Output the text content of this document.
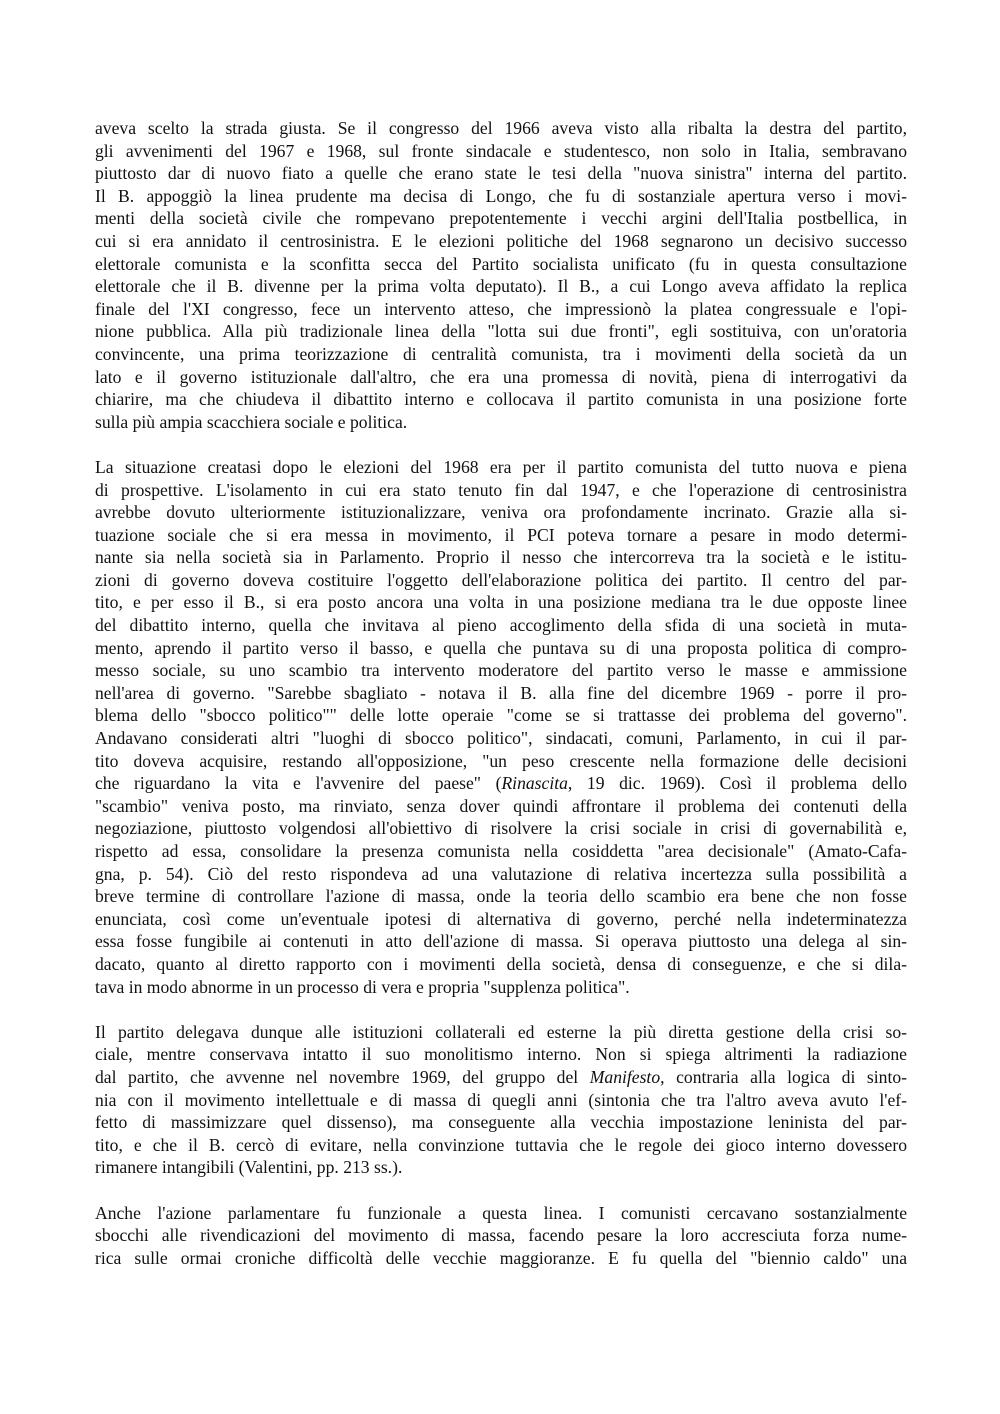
aveva scelto la strada giusta. Se il congresso del 1966 aveva visto alla ribalta la destra del partito,
gli avvenimenti del 1967 e 1968, sul fronte sindacale e studentesco, non solo in Italia, sembravano
piuttosto dar di nuovo fiato a quelle che erano state le tesi della "nuova sinistra" interna del partito.
Il B. appoggiò la linea prudente ma decisa di Longo, che fu di sostanziale apertura verso i movi-
menti della società civile che rompevano prepotentemente i vecchi argini dell'Italia postbellica, in
cui si era annidato il centrosinistra. E le elezioni politiche del 1968 segnarono un decisivo successo
elettorale comunista e la sconfitta secca del Partito socialista unificato (fu in questa consultazione
elettorale che il B. divenne per la prima volta deputato). Il B., a cui Longo aveva affidato la replica
finale del l'XI congresso, fece un intervento atteso, che impressionò la platea congressuale e l'opi-
nione pubblica. Alla più tradizionale linea della "lotta sui due fronti", egli sostituiva, con un'oratoria
convincente, una prima teorizzazione di centralità comunista, tra i movimenti della società da un
lato e il governo istituzionale dall'altro, che era una promessa di novità, piena di interrogativi da
chiarire, ma che chiudeva il dibattito interno e collocava il partito comunista in una posizione forte
sulla più ampia scacchiera sociale e politica.

La situazione creatasi dopo le elezioni del 1968 era per il partito comunista del tutto nuova e piena
di prospettive. L'isolamento in cui era stato tenuto fin dal 1947, e che l'operazione di centrosinistra
avrebbe dovuto ulteriormente istituzionalizzare, veniva ora profondamente incrinato. Grazie alla si-
tuazione sociale che si era messa in movimento, il PCI poteva tornare a pesare in modo determi-
nante sia nella società sia in Parlamento. Proprio il nesso che intercorreva tra la società e le istitu-
zioni di governo doveva costituire l'oggetto dell'elaborazione politica dei partito. Il centro del par-
tito, e per esso il B., si era posto ancora una volta in una posizione mediana tra le due opposte linee
del dibattito interno, quella che invitava al pieno accoglimento della sfida di una società in muta-
mento, aprendo il partito verso il basso, e quella che puntava su di una proposta politica di compro-
messo sociale, su uno scambio tra intervento moderatore del partito verso le masse e ammissione
nell'area di governo. "Sarebbe sbagliato - notava il B. alla fine del dicembre 1969 - porre il pro-
blema dello "sbocco politico"" delle lotte operaie "come se si trattasse dei problema del governo".
Andavano considerati altri "luoghi di sbocco politico", sindacati, comuni, Parlamento, in cui il par-
tito doveva acquisire, restando all'opposizione, "un peso crescente nella formazione delle decisioni
che riguardano la vita e l'avvenire del paese" (Rinascita, 19 dic. 1969). Così il problema dello
"scambio" veniva posto, ma rinviato, senza dover quindi affrontare il problema dei contenuti della
negoziazione, piuttosto volgendosi all'obiettivo di risolvere la crisi sociale in crisi di governabilità e,
rispetto ad essa, consolidare la presenza comunista nella cosiddetta "area decisionale" (Amato-Cafa-
gna, p. 54). Ciò del resto rispondeva ad una valutazione di relativa incertezza sulla possibilità a
breve termine di controllare l'azione di massa, onde la teoria dello scambio era bene che non fosse
enunciata, così come un'eventuale ipotesi di alternativa di governo, perché nella indeterminatezza
essa fosse fungibile ai contenuti in atto dell'azione di massa. Si operava piuttosto una delega al sin-
dacato, quanto al diretto rapporto con i movimenti della società, densa di conseguenze, e che si dila-
tava in modo abnorme in un processo di vera e propria "supplenza politica".

Il partito delegava dunque alle istituzioni collaterali ed esterne la più diretta gestione della crisi so-
ciale, mentre conservava intatto il suo monolitismo interno. Non si spiega altrimenti la radiazione
dal partito, che avvenne nel novembre 1969, del gruppo del Manifesto, contraria alla logica di sinto-
nia con il movimento intellettuale e di massa di quegli anni (sintonia che tra l'altro aveva avuto l'ef-
fetto di massimizzare quel dissenso), ma conseguente alla vecchia impostazione leninista del par-
tito, e che il B. cercò di evitare, nella convinzione tuttavia che le regole dei gioco interno dovessero
rimanere intangibili (Valentini, pp. 213 ss.).

Anche l'azione parlamentare fu funzionale a questa linea. I comunisti cercavano sostanzialmente
sbocchi alle rivendicazioni del movimento di massa, facendo pesare la loro accresciuta forza nume-
rica sulle ormai croniche difficoltà delle vecchie maggioranze. E fu quella del "biennio caldo" una
